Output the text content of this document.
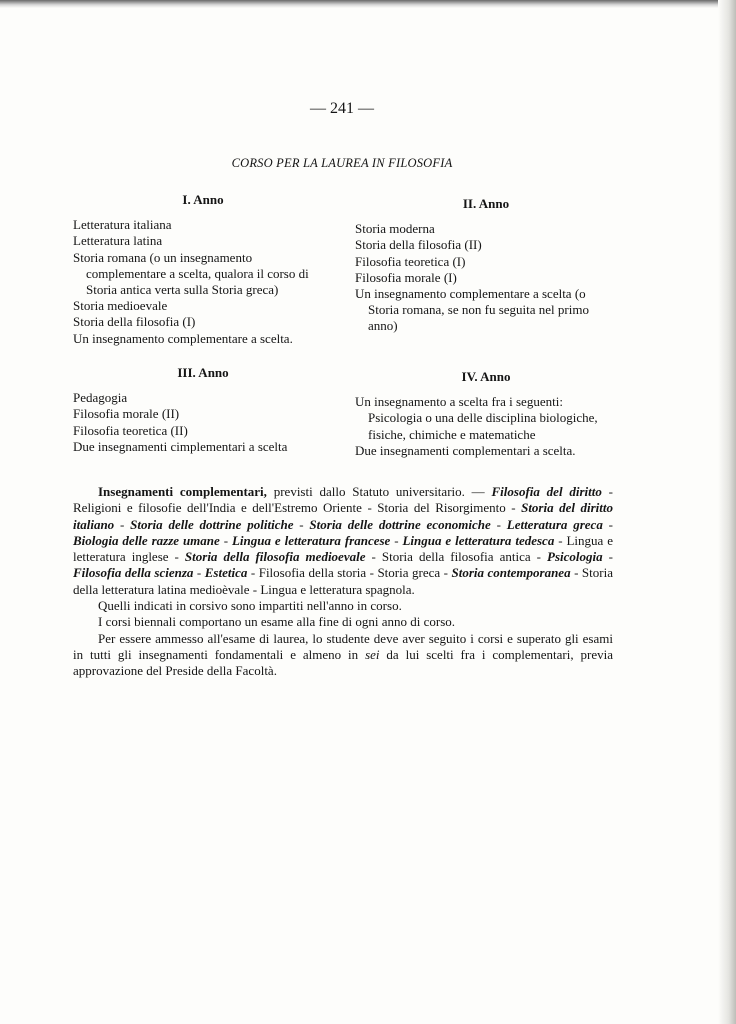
— 241 —
CORSO PER LA LAUREA IN FILOSOFIA
I. Anno
Letteratura italiana
Letteratura latina
Storia romana (o un insegnamento complementare a scelta, qualora il corso di Storia antica verta sulla Storia greca)
Storia medioevale
Storia della filosofia (I)
Un insegnamento complementare a scelta.
II. Anno
Storia moderna
Storia della filosofia (II)
Filosofia teoretica (I)
Filosofia morale (I)
Un insegnamento complementare a scelta (o Storia romana, se non fu seguita nel primo anno)
III. Anno
Pedagogia
Filosofia morale (II)
Filosofia teoretica (II)
Due insegnamenti cimplementari a scelta
IV. Anno
Un insegnamento a scelta fra i seguenti: Psicologia o una delle disciplina biologiche, fisiche, chimiche e matematiche
Due insegnamenti complementari a scelta.

Insegnamenti complementari, previsti dallo Statuto universitario. — Filosofia del diritto - Religioni e filosofie dell'India e dell'Estremo Oriente - Storia del Risorgimento - Storia del diritto italiano - Storia delle dottrine politiche - Storia delle dottrine economiche - Letteratura greca - Biologia delle razze umane - Lingua e letteratura francese - Lingua e letteratura tedesca - Lingua e letteratura inglese - Storia della filosofia medioevale - Storia della filosofia antica - Psicologia - Filosofia della scienza - Estetica - Filosofia della storia - Storia greca - Storia contemporanea - Storia della letteratura latina medioèvale - Lingua e letteratura spagnola.

Quelli indicati in corsivo sono impartiti nell'anno in corso.

I corsi biennali comportano un esame alla fine di ogni anno di corso.

Per essere ammesso all'esame di laurea, lo studente deve aver seguito i corsi e superato gli esami in tutti gli insegnamenti fondamentali e almeno in sei da lui scelti fra i complementari, previa approvazione del Preside della Facoltà.
